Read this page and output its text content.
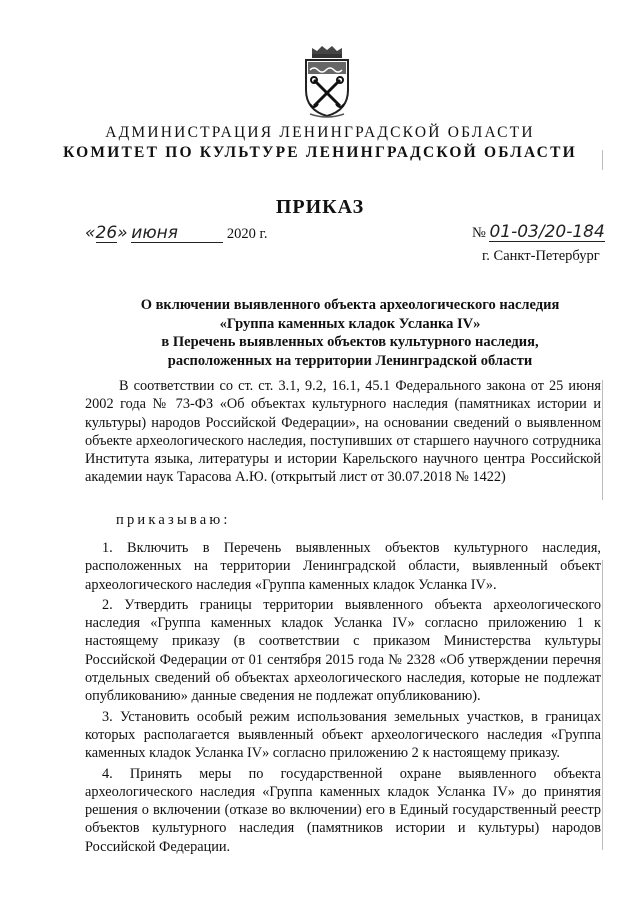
АДМИНИСТРАЦИЯ ЛЕНИНГРАДСКОЙ ОБЛАСТИ
КОМИТЕТ ПО КУЛЬТУРЕ ЛЕНИНГРАДСКОЙ ОБЛАСТИ
ПРИКАЗ
«26» июня	2020 г.	№ 01-03/20-184
г. Санкт-Петербург
О включении выявленного объекта археологического наследия
«Группа каменных кладок Усланка IV»
в Перечень выявленных объектов культурного наследия,
расположенных на территории Ленинградской области
В соответствии со ст. ст. 3.1, 9.2, 16.1, 45.1 Федерального закона от 25 июня 2002 года № 73-ФЗ «Об объектах культурного наследия (памятниках истории и культуры) народов Российской Федерации», на основании сведений о выявленном объекте археологического наследия, поступивших от старшего научного сотрудника Института языка, литературы и истории Карельского научного центра Российской академии наук Тарасова А.Ю. (открытый лист от 30.07.2018 № 1422)
приказываю:

1. Включить в Перечень выявленных объектов культурного наследия, расположенных на территории Ленинградской области, выявленный объект археологического наследия «Группа каменных кладок Усланка IV».

2. Утвердить границы территории выявленного объекта археологического наследия «Группа каменных кладок Усланка IV» согласно приложению 1 к настоящему приказу (в соответствии с приказом Министерства культуры Российской Федерации от 01 сентября 2015 года № 2328 «Об утверждении перечня отдельных сведений об объектах археологического наследия, которые не подлежат опубликованию» данные сведения не подлежат опубликованию).

3. Установить особый режим использования земельных участков, в границах которых располагается выявленный объект археологического наследия «Группа каменных кладок Усланка IV» согласно приложению 2 к настоящему приказу.

4. Принять меры по государственной охране выявленного объекта археологического наследия «Группа каменных кладок Усланка IV» до принятия решения о включении (отказе во включении) его в Единый государственный реестр объектов культурного наследия (памятников истории и культуры) народов Российской Федерации.
